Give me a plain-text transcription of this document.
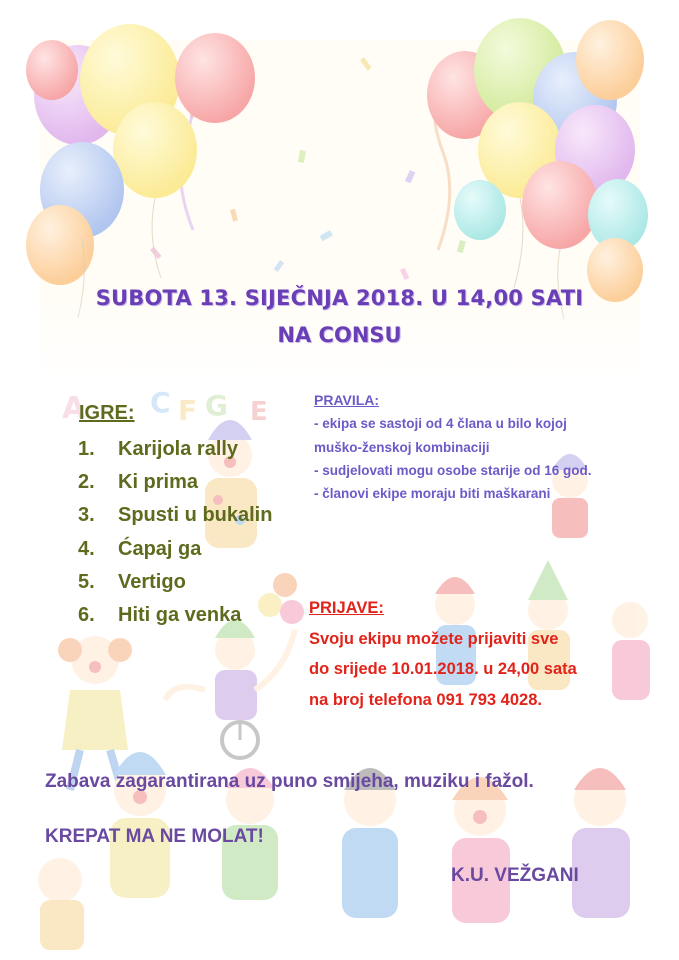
A C F G E
SUBOTA 13. SIJEČNJA 2018. U 14,00 SATI
NA CONSU
IGRE:
1.	Karijola rally
2.	Ki prima
3.	Spusti u bukalin
4.	Ćapaj ga
5.	Vertigo
6.	Hiti ga venka
PRAVILA:
- ekipa se sastoji od 4 člana u bilo kojoj
muško-ženskoj kombinaciji
- sudjelovati mogu osobe starije od 16 god.
- članovi ekipe moraju biti maškarani
PRIJAVE:
Svoju ekipu možete prijaviti sve
do srijede 10.01.2018. u 24,00 sata
na broj telefona 091 793 4028.
Zabava zagarantirana uz puno smijeha, muziku i fažol.
KREPAT MA NE MOLAT!
K.U. VEŽGANI
